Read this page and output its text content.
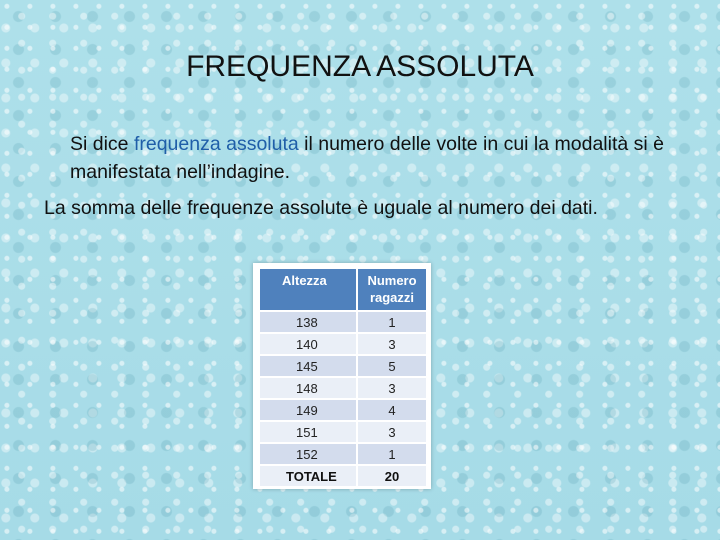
FREQUENZA ASSOLUTA

Si dice frequenza assoluta il numero delle volte in cui la modalità si è manifestata nell’indagine.

La somma delle frequenze assolute è uguale al numero dei dati.

Altezza	Numero ragazzi
138	1
140	3
145	5
148	3
149	4
151	3
152	1
TOTALE	20
